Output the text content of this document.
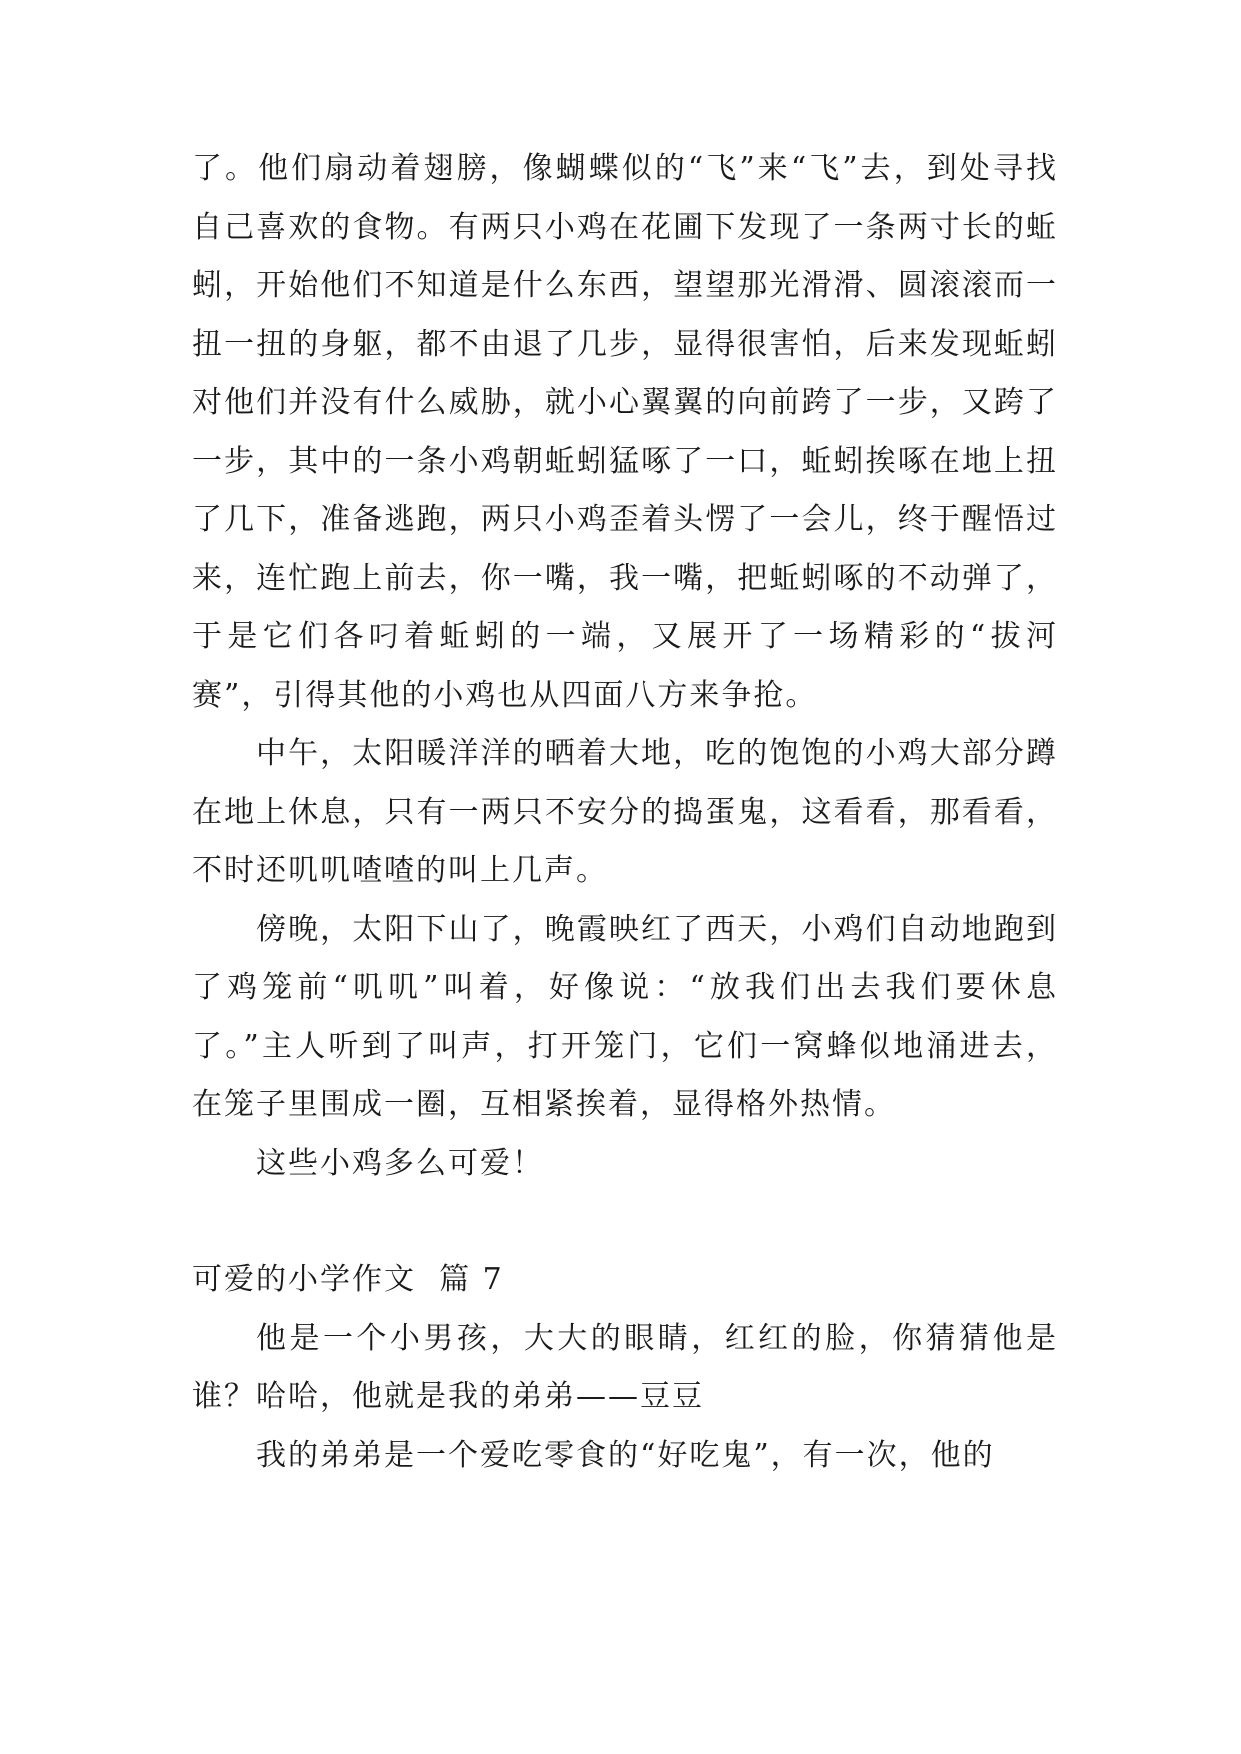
了。他们扇动着翅膀，像蝴蝶似的“飞”来“飞”去，到处寻找自己喜欢的食物。有两只小鸡在花圃下发现了一条两寸长的蚯蚓，开始他们不知道是什么东西，望望那光滑滑、圆滚滚而一扭一扭的身躯，都不由退了几步，显得很害怕，后来发现蚯蚓对他们并没有什么威胁，就小心翼翼的向前跨了一步，又跨了一步，其中的一条小鸡朝蚯蚓猛啄了一口，蚯蚓挨啄在地上扭了几下，准备逃跑，两只小鸡歪着头愣了一会儿，终于醒悟过来，连忙跑上前去，你一嘴，我一嘴，把蚯蚓啄的不动弹了，于是它们各叼着蚯蚓的一端，又展开了一场精彩的“拔河赛”，引得其他的小鸡也从四面八方来争抢。

中午，太阳暖洋洋的晒着大地，吃的饱饱的小鸡大部分蹲在地上休息，只有一两只不安分的捣蛋鬼，这看看，那看看，不时还叽叽喳喳的叫上几声。

傍晚，太阳下山了，晚霞映红了西天，小鸡们自动地跑到了鸡笼前“叽叽”叫着，好像说：“放我们出去我们要休息了。”主人听到了叫声，打开笼门，它们一窝蜂似地涌进去，在笼子里围成一圈，互相紧挨着，显得格外热情。

这些小鸡多么可爱！

可爱的小学作文  篇 7

他是一个小男孩，大大的眼睛，红红的脸，你猜猜他是谁？哈哈，他就是我的弟弟——豆豆

我的弟弟是一个爱吃零食的“好吃鬼”，有一次，他的
